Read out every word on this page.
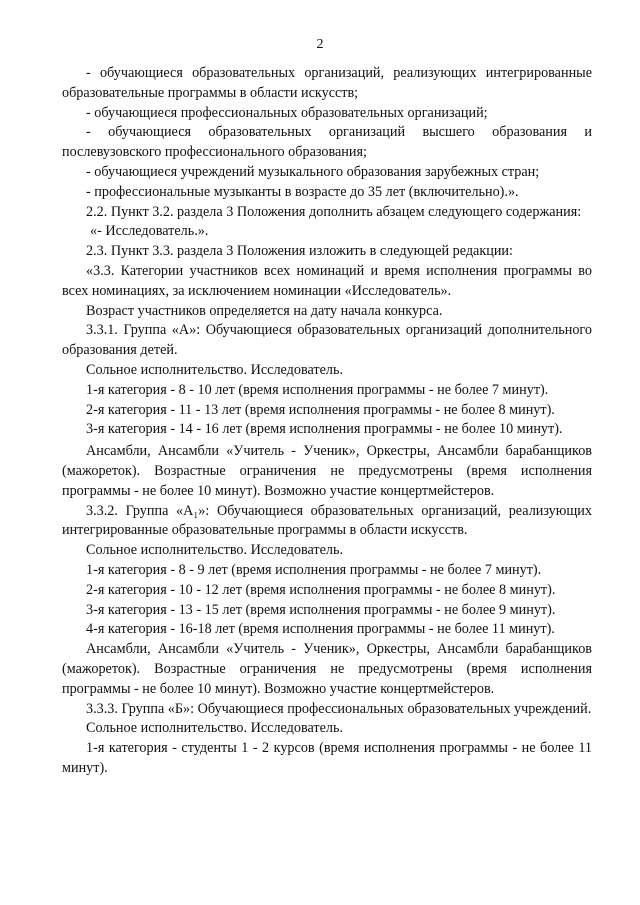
2

- обучающиеся образовательных организаций, реализующих интегрированные образовательные программы в области искусств;

- обучающиеся профессиональных образовательных организаций;

- обучающиеся образовательных организаций высшего образования и послевузовского профессионального образования;

- обучающиеся учреждений музыкального образования зарубежных стран;

- профессиональные музыканты в возрасте до 35 лет (включительно).».

2.2. Пункт 3.2. раздела 3 Положения дополнить абзацем следующего содержания:

«- Исследователь.».

2.3. Пункт 3.3. раздела 3 Положения изложить в следующей редакции:

«3.3. Категории участников всех номинаций и время исполнения программы во всех номинациях, за исключением номинации «Исследователь».

Возраст участников определяется на дату начала конкурса.

3.3.1. Группа «А»: Обучающиеся образовательных организаций дополнительного образования детей.

Сольное исполнительство. Исследователь.

1-я категория - 8 - 10 лет (время исполнения программы - не более 7 минут).

2-я категория - 11 - 13 лет (время исполнения программы - не более 8 минут).

3-я категория - 14 - 16 лет (время исполнения программы - не более 10 минут).

Ансамбли, Ансамбли «Учитель - Ученик», Оркестры, Ансамбли барабанщиков (мажореток). Возрастные ограничения не предусмотрены (время исполнения программы - не более 10 минут). Возможно участие концертмейстеров.

3.3.2. Группа «А₁»: Обучающиеся образовательных организаций, реализующих интегрированные образовательные программы в области искусств.

Сольное исполнительство. Исследователь.

1-я категория - 8 - 9 лет (время исполнения программы - не более 7 минут).

2-я категория - 10 - 12 лет (время исполнения программы - не более 8 минут).

3-я категория - 13 - 15 лет (время исполнения программы - не более 9 минут).

4-я категория - 16-18 лет (время исполнения программы - не более 11 минут).

Ансамбли, Ансамбли «Учитель - Ученик», Оркестры, Ансамбли барабанщиков (мажореток). Возрастные ограничения не предусмотрены (время исполнения программы - не более 10 минут). Возможно участие концертмейстеров.

3.3.3. Группа «Б»: Обучающиеся профессиональных образовательных учреждений.

Сольное исполнительство. Исследователь.

1-я категория - студенты 1 - 2 курсов (время исполнения программы - не более 11 минут).
